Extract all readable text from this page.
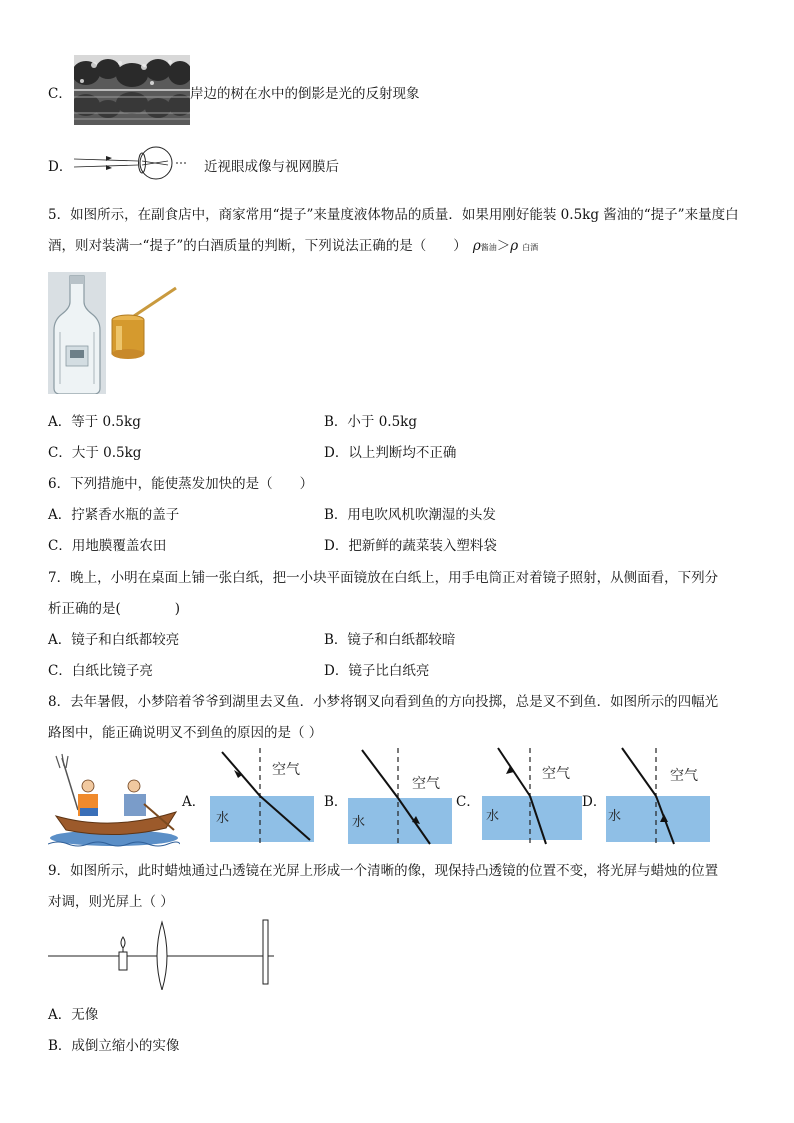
C．	岸边的树在水中的倒影是光的反射现象
D．	近视眼成像与视网膜后
5．如图所示，在副食店中，商家常用“提子”来量度液体物品的质量．如果用刚好能装 0.5kg 酱油的“提子”来量度白
酒，则对装满一“提子”的白酒质量的判断，下列说法正确的是（　　） ρ酱油＞ρ 白酒
A．等于 0.5kg	B．小于 0.5kg
C．大于 0.5kg	D．以上判断均不正确
6．下列措施中，能使蒸发加快的是（　　）
A．拧紧香水瓶的盖子	B．用电吹风机吹潮湿的头发
C．用地膜覆盖农田	D．把新鲜的蔬菜装入塑料袋
7．晚上，小明在桌面上铺一张白纸，把一小块平面镜放在白纸上，用手电筒正对着镜子照射，从侧面看，下列分
析正确的是(　　　　)
A．镜子和白纸都较亮	B．镜子和白纸都较暗
C．白纸比镜子亮	D．镜子比白纸亮
8．去年暑假，小梦陪着爷爷到湖里去叉鱼．小梦将钢叉向看到鱼的方向投掷，总是叉不到鱼．如图所示的四幅光
路图中，能正确说明叉不到鱼的原因的是（ ）
A．
空气
水
B．
空气
水
C．
空气
水
D．
空气
水
9．如图所示，此时蜡烛通过凸透镜在光屏上形成一个清晰的像，现保持凸透镜的位置不变，将光屏与蜡烛的位置
对调，则光屏上（ ）
A．无像
B．成倒立缩小的实像
